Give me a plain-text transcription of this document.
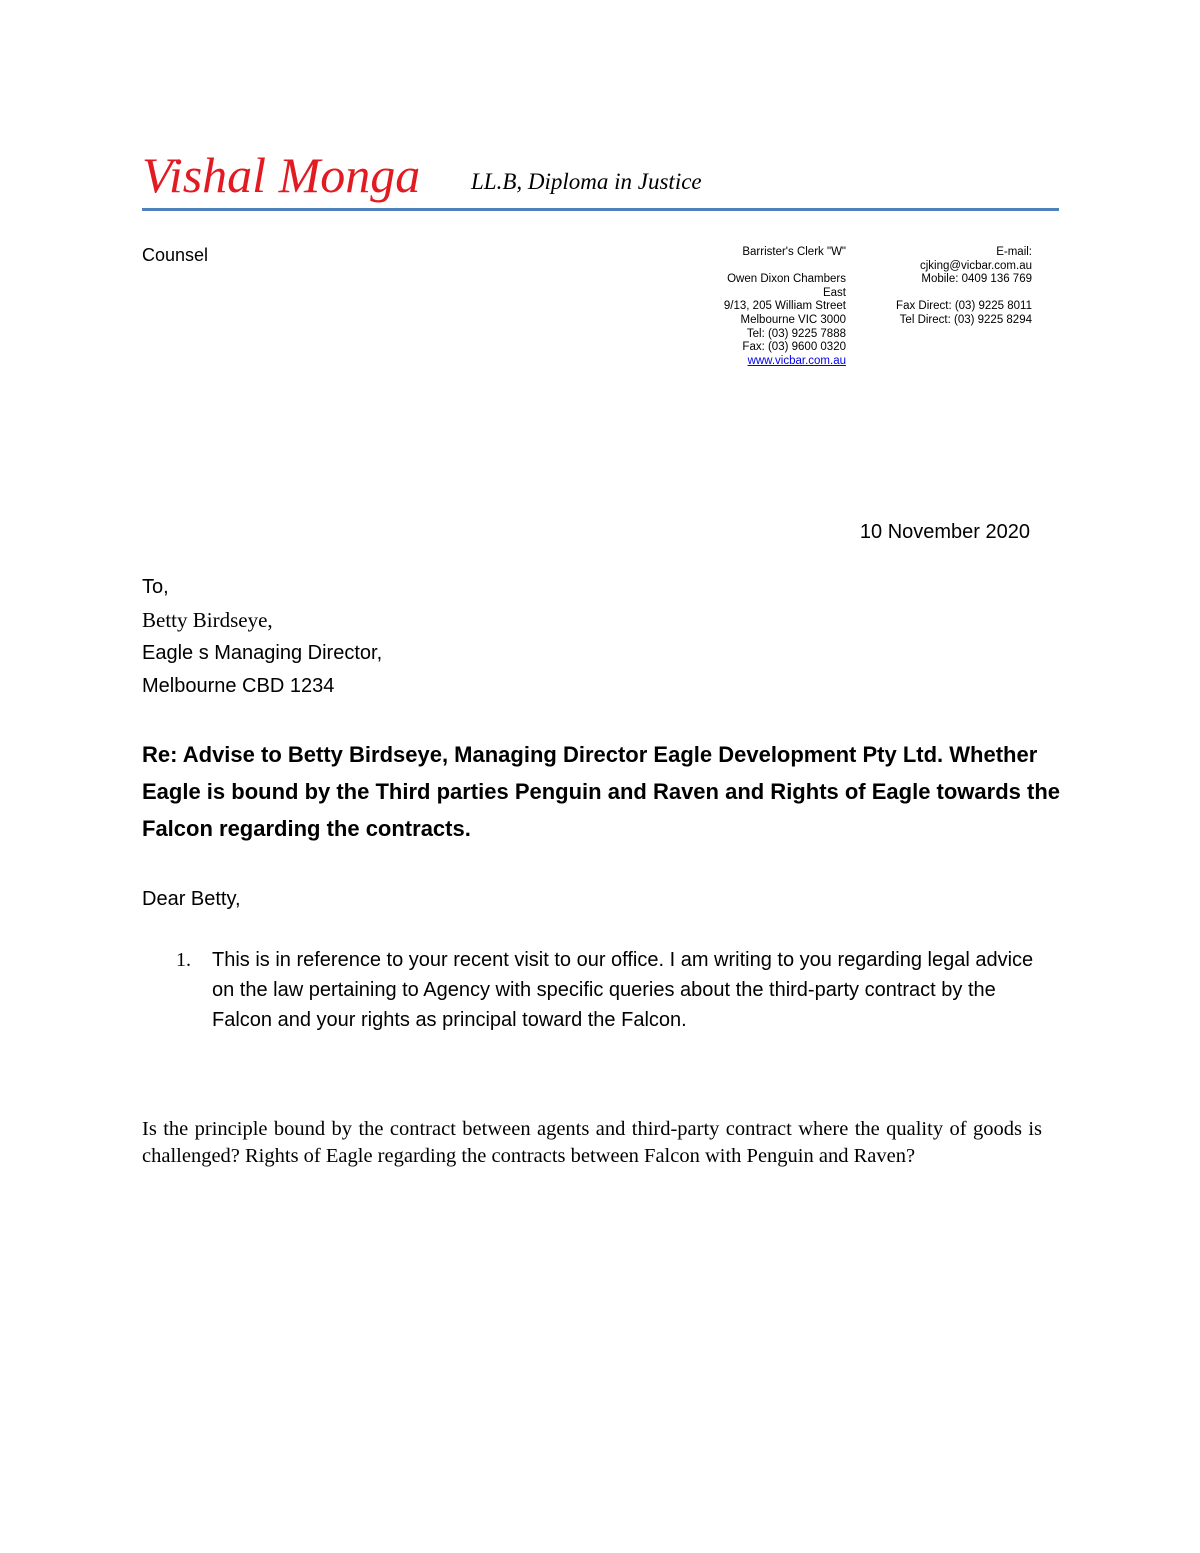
Vishal Monga LL.B, Diploma in Justice
Counsel	Barrister's Clerk "W"
Owen Dixon Chambers
East
9/13, 205 William Street
Melbourne VIC 3000
Tel: (03) 9225 7888
Fax: (03) 9600 0320
www.vicbar.com.au
E-mail:
cjking@vicbar.com.au
Mobile: 0409 136 769
Fax Direct: (03) 9225 8011
Tel Direct: (03) 9225 8294
10 November 2020
To,
Betty Birdseye,
Eagle s Managing Director,
Melbourne CBD 1234
Re: Advise to Betty Birdseye, Managing Director Eagle Development Pty Ltd. Whether Eagle is bound by the Third parties Penguin and Raven and Rights of Eagle towards the Falcon regarding the contracts.
Dear Betty,
1. This is in reference to your recent visit to our office. I am writing to you regarding legal advice on the law pertaining to Agency with specific queries about the third-party contract by the Falcon and your rights as principal toward the Falcon.
Is the principle bound by the contract between agents and third-party contract where the quality of goods is challenged? Rights of Eagle regarding the contracts between Falcon with Penguin and Raven?
